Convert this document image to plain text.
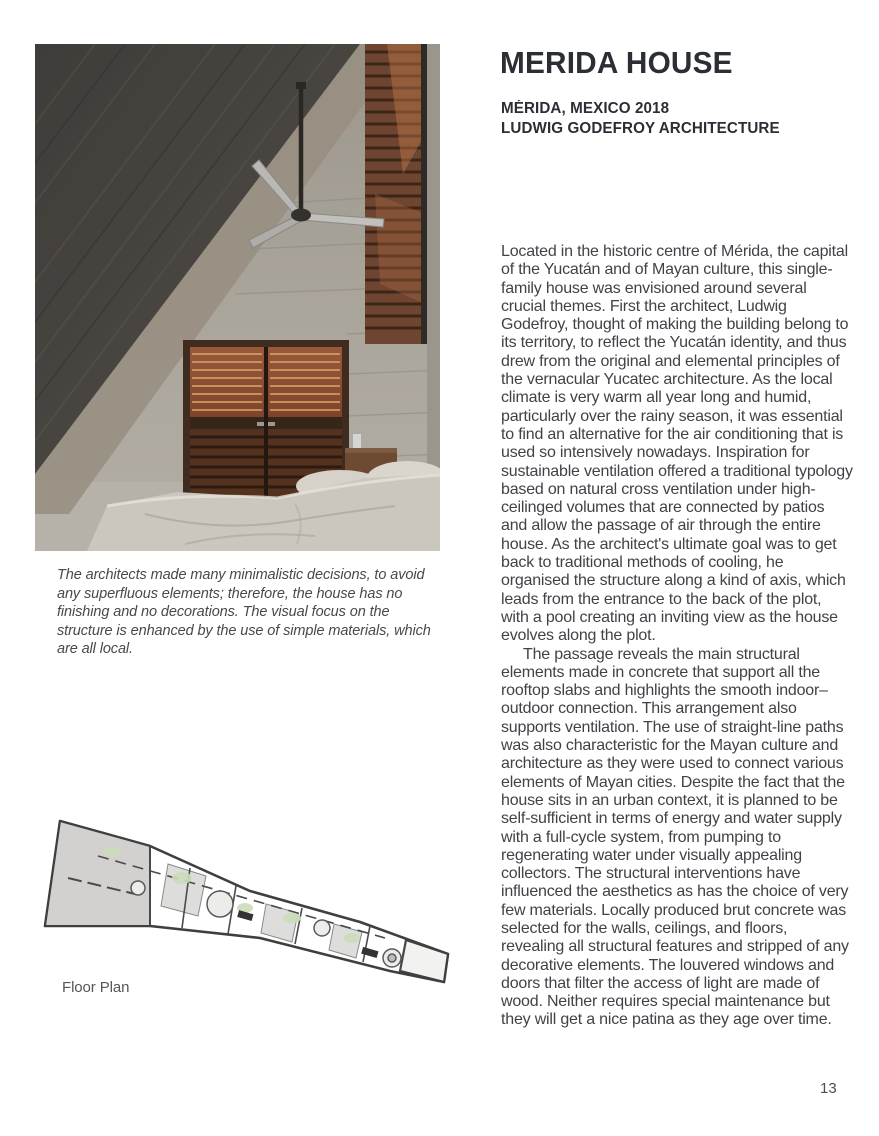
The architects made many minimalistic decisions, to avoid any superfluous elements; therefore, the house has no finishing and no decorations. The visual focus on the structure is enhanced by the use of simple materials, which are all local.
Floor Plan
MERIDA HOUSE
MÉRIDA, MEXICO 2018
LUDWIG GODEFROY ARCHITECTURE

Located in the historic centre of Mérida, the capital of the Yucatán and of Mayan culture, this single-family house was envisioned around several crucial themes. First the architect, Ludwig Godefroy, thought of making the building belong to its territory, to reflect the Yucatán identity, and thus drew from the original and elemental principles of the vernacular Yucatec architecture. As the local climate is very warm all year long and humid, particularly over the rainy season, it was essential to find an alternative for the air conditioning that is used so intensively nowadays. Inspiration for sustainable ventilation offered a traditional typology based on natural cross ventilation under high-ceilinged volumes that are connected by patios and allow the passage of air through the entire house. As the architect's ultimate goal was to get back to traditional methods of cooling, he organised the structure along a kind of axis, which leads from the entrance to the back of the plot, with a pool creating an inviting view as the house evolves along the plot.

The passage reveals the main structural elements made in concrete that support all the rooftop slabs and highlights the smooth indoor–outdoor connection. This arrangement also supports ventilation. The use of straight-line paths was also characteristic for the Mayan culture and architecture as they were used to connect various elements of Mayan cities. Despite the fact that the house sits in an urban context, it is planned to be self-sufficient in terms of energy and water supply with a full-cycle system, from pumping to regenerating water under visually appealing collectors. The structural interventions have influenced the aesthetics as has the choice of very few materials. Locally produced brut concrete was selected for the walls, ceilings, and floors, revealing all structural features and stripped of any decorative elements. The louvered windows and doors that filter the access of light are made of wood. Neither requires special maintenance but they will get a nice patina as they age over time.

13
